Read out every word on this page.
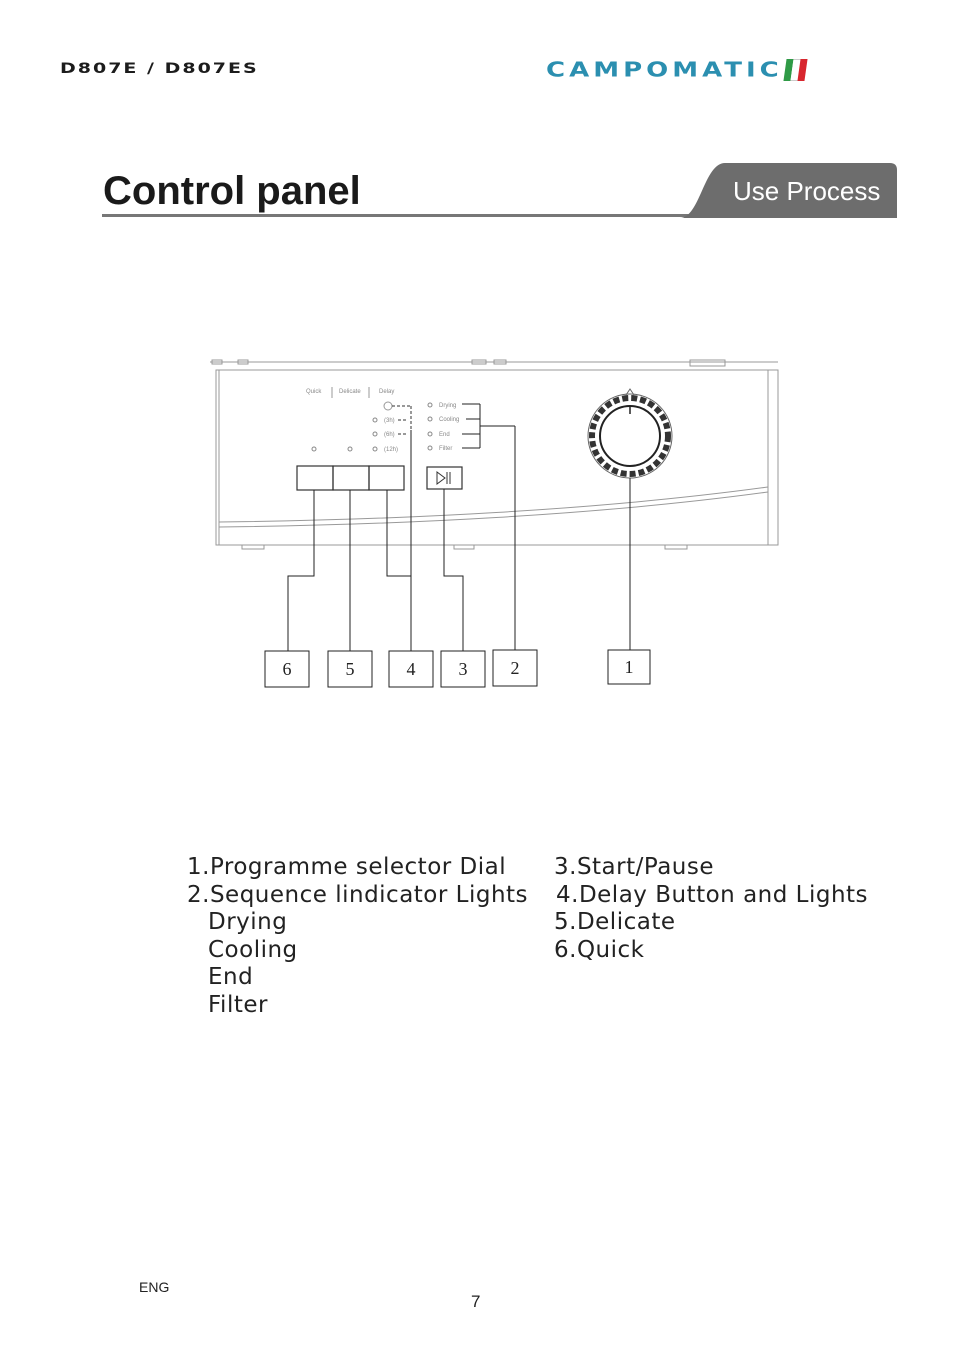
D807E / D807ES	CAMPOMATIC
Control panel	Use Process
Quick	Delicate	Delay
(3h)
(6h)
(12h)
Drying
Cooling
End
Filter
6	5	4 3 2	1
1.Programme selector Dial
2.Sequence lindicator Lights
Drying
Cooling
End
Filter
3.Start/Pause
4.Delay Button and Lights
5.Delicate
6.Quick
ENG
7
